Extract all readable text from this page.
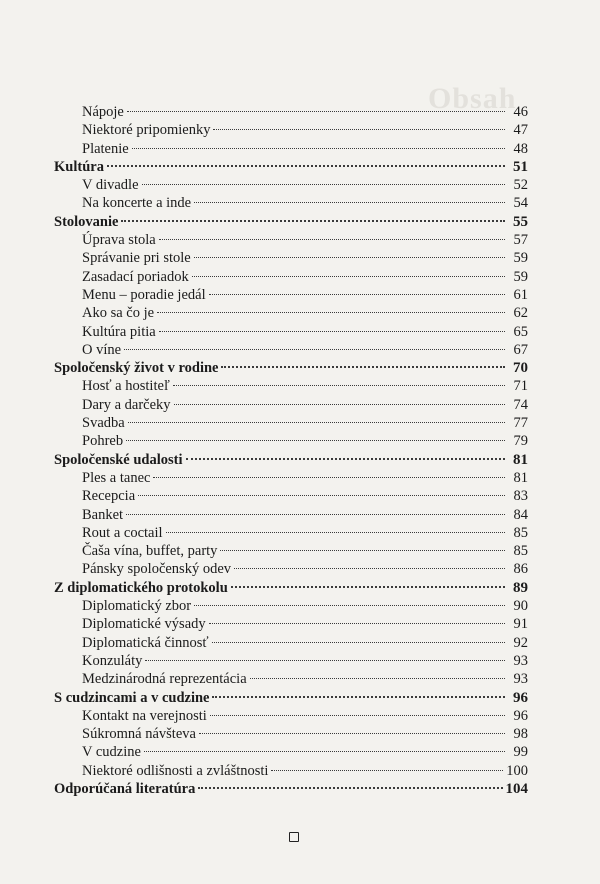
Obsah
Nápoje	46
Niektoré pripomienky	47
Platenie	48
Kultúra	51
V divadle	52
Na koncerte a inde	54
Stolovanie	55
Úprava stola	57
Správanie pri stole	59
Zasadací poriadok	59
Menu – poradie jedál	61
Ako sa čo je	62
Kultúra pitia	65
O víne	67
Spoločenský život v rodine	70
Hosť a hostiteľ	71
Dary a darčeky	74
Svadba	77
Pohreb	79
Spoločenské udalosti	81
Ples a tanec	81
Recepcia	83
Banket	84
Rout a coctail	85
Čaša vína, buffet, party	85
Pánsky spoločenský odev	86
Z diplomatického protokolu	89
Diplomatický zbor	90
Diplomatické výsady	91
Diplomatická činnosť	92
Konzuláty	93
Medzinárodná reprezentácia	93
S cudzincami a v cudzine	96
Kontakt na verejnosti	96
Súkromná návšteva	98
V cudzine	99
Niektoré odlišnosti a zvláštnosti	100
Odporúčaná literatúra	104
